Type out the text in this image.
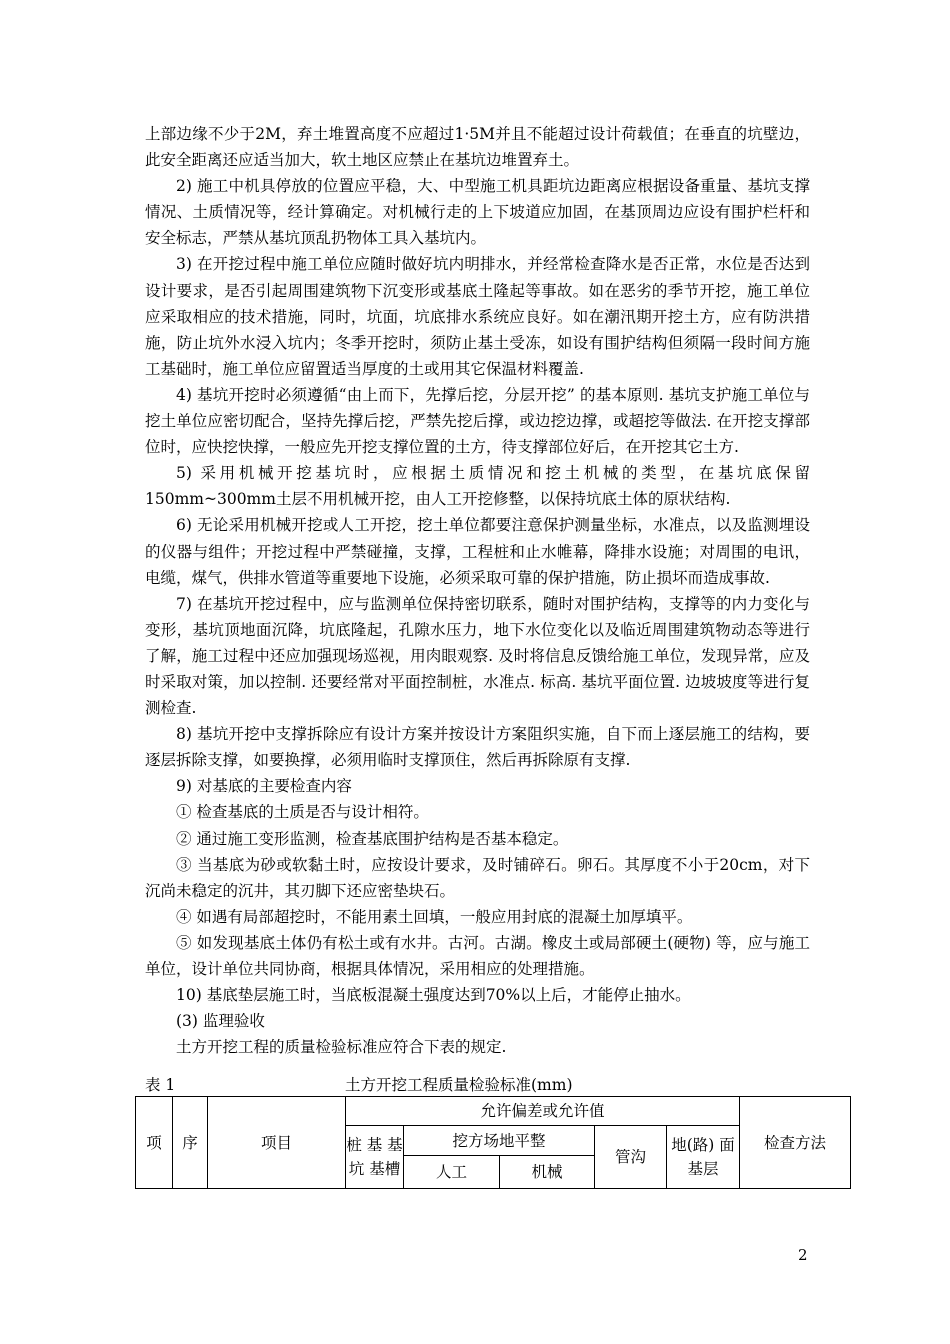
上部边缘不少于2M，弃土堆置高度不应超过1·5M并且不能超过设计荷载值；在垂直的坑壁边，此安全距离还应适当加大，软土地区应禁止在基坑边堆置弃土。

2) 施工中机具停放的位置应平稳，大、中型施工机具距坑边距离应根据设备重量、基坑支撑情况、土质情况等，经计算确定。对机械行走的上下坡道应加固，在基顶周边应设有围护栏杆和安全标志，严禁从基坑顶乱扔物体工具入基坑内。

3) 在开挖过程中施工单位应随时做好坑内明排水，并经常检查降水是否正常，水位是否达到设计要求，是否引起周围建筑物下沉变形或基底土隆起等事故。如在恶劣的季节开挖，施工单位应采取相应的技术措施，同时，坑面，坑底排水系统应良好。如在潮汛期开挖土方，应有防洪措施，防止坑外水浸入坑内；冬季开挖时，须防止基土受冻，如设有围护结构但须隔一段时间方施工基础时，施工单位应留置适当厚度的土或用其它保温材料覆盖.

4) 基坑开挖时必须遵循“由上而下，先撑后挖，分层开挖” 的基本原则. 基坑支护施工单位与挖土单位应密切配合，坚持先撑后挖，严禁先挖后撑，或边挖边撑，或超挖等做法. 在开挖支撑部位时，应快挖快撑，一般应先开挖支撑位置的土方，待支撑部位好后，在开挖其它土方.

5) 采用机械开挖基坑时，应根据土质情况和挖土机械的类型，在基坑底保留150mm~300mm土层不用机械开挖，由人工开挖修整，以保持坑底土体的原状结构.

6) 无论采用机械开挖或人工开挖，挖土单位都要注意保护测量坐标，水准点，以及监测埋设的仪器与组件；开挖过程中严禁碰撞，支撑，工程桩和止水帷幕，降排水设施；对周围的电讯，电缆，煤气，供排水管道等重要地下设施，必须采取可靠的保护措施，防止损坏而造成事故.

7) 在基坑开挖过程中，应与监测单位保持密切联系，随时对围护结构，支撑等的内力变化与变形，基坑顶地面沉降，坑底隆起，孔隙水压力，地下水位变化以及临近周围建筑物动态等进行了解，施工过程中还应加强现场巡视，用肉眼观察. 及时将信息反馈给施工单位，发现异常，应及时采取对策，加以控制. 还要经常对平面控制桩，水准点. 标高. 基坑平面位置. 边坡坡度等进行复测检查.

8) 基坑开挖中支撑拆除应有设计方案并按设计方案阻织实施，自下而上逐层施工的结构，要逐层拆除支撑，如要换撑，必须用临时支撑顶住，然后再拆除原有支撑.

9) 对基底的主要检查内容

① 检查基底的土质是否与设计相符。

② 通过施工变形监测，检查基底围护结构是否基本稳定。

③ 当基底为砂或软黏土时，应按设计要求，及时铺碎石。卵石。其厚度不小于20cm，对下沉尚未稳定的沉井，其刃脚下还应密垫块石。

④ 如遇有局部超挖时，不能用素土回填，一般应用封底的混凝土加厚填平。

⑤ 如发现基底土体仍有松土或有水井。古河。古湖。橡皮土或局部硬土(硬物) 等，应与施工单位，设计单位共同协商，根据具体情况，采用相应的处理措施。

10) 基底垫层施工时，当底板混凝土强度达到70%以上后，才能停止抽水。

(3) 监理验收

土方开挖工程的质量检验标准应符合下表的规定.

表 1	土方开挖工程质量检验标准(mm)
项	序	项目	允许偏差或允许值					检查方法
			桩 基 基 坑 基槽	挖方场地平整		管沟	地(路) 面基层	
				人工	机械			
2
